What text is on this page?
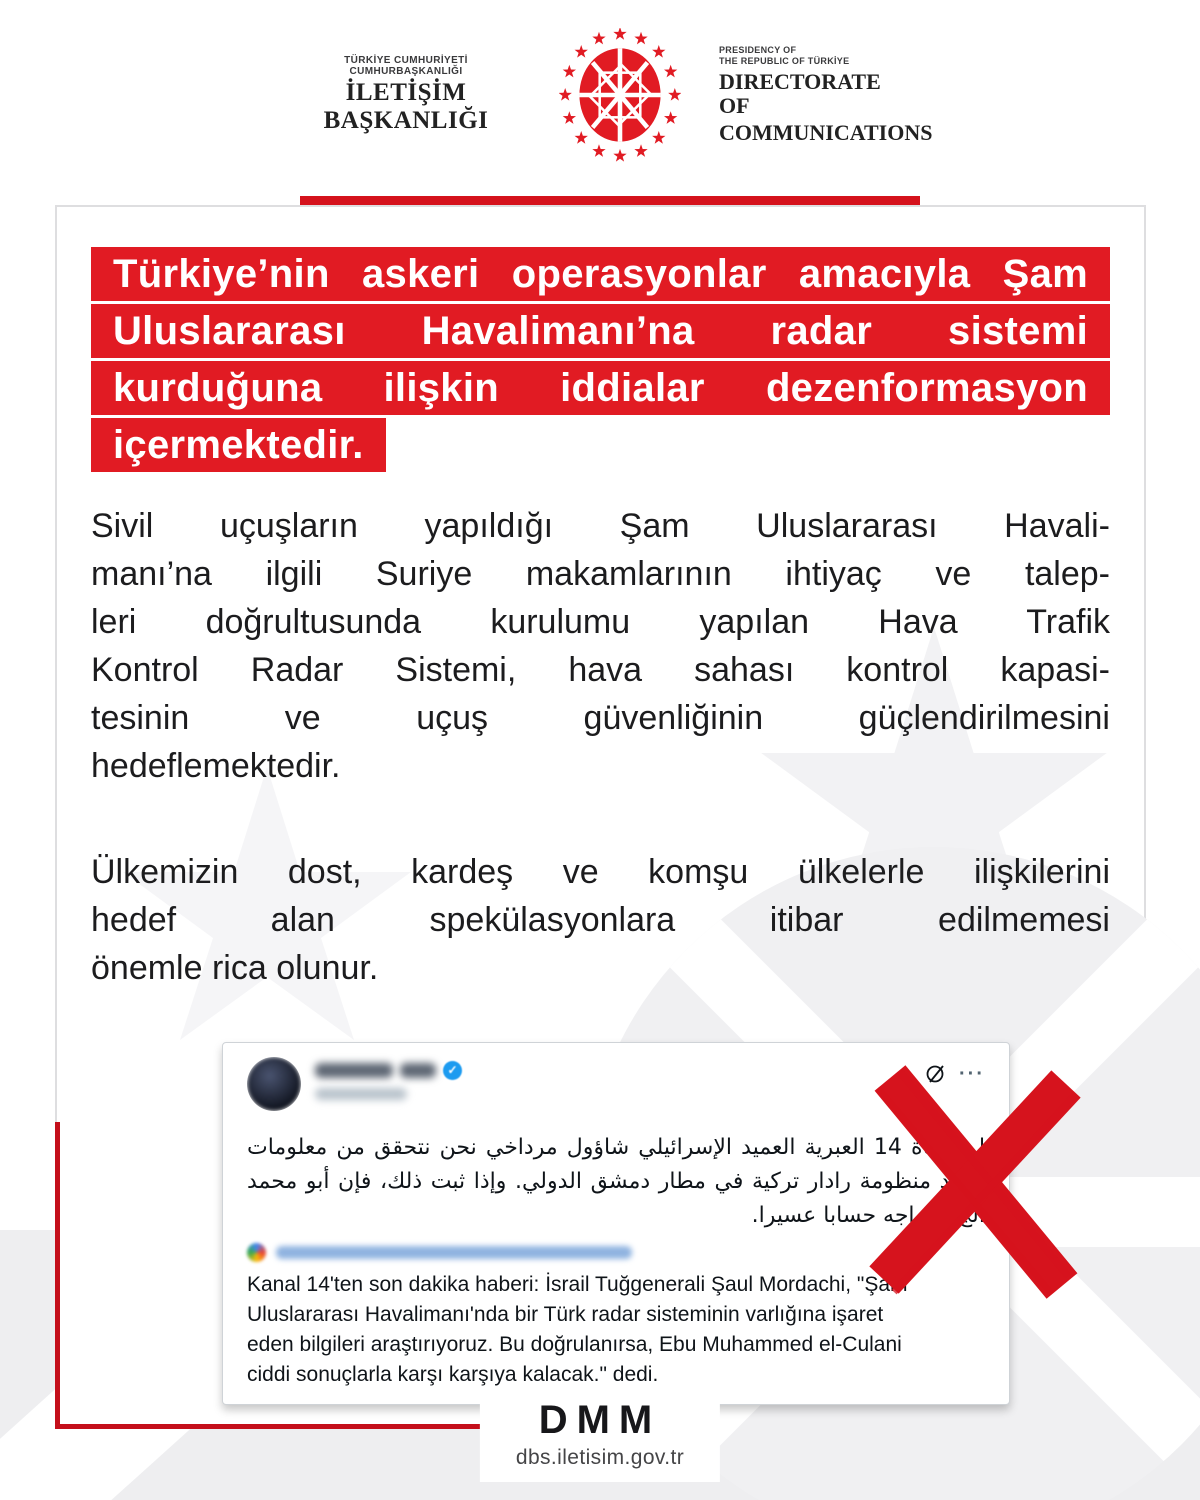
TÜRKİYE CUMHURİYETİ CUMHURBAŞKANLIĞI
İLETİŞİM BAŞKANLIĞI
PRESIDENCY OF
THE REPUBLIC OF TÜRKİYE
DIRECTORATE OF
COMMUNICATIONS
Türkiye’nin askeri operasyonlar amacıyla Şam
Uluslararası Havalimanı’na radar sistemi
kurduğuna ilişkin iddialar dezenformasyon
içermektedir.
Sivil uçuşların yapıldığı Şam Uluslararası Havali-
manı’na ilgili Suriye makamlarının ihtiyaç ve talep-
leri doğrultusunda kurulumu yapılan Hava Trafik
Kontrol Radar Sistemi, hava sahası kontrol kapasi-
tesinin ve uçuş güvenliğinin güçlendirilmesini
hedeflemektedir.
Ülkemizin dost, kardeş ve komşu ülkelerle ilişkilerini
hedef alan spekülasyonlara itibar edilmemesi
önemle rica olunur.
✓	···
ل القناة 14 العبرية العميد الإسرائيلي شاؤول مرداخي نحن نتحقق من معلومات
وجود منظومة رادار تركية في مطار دمشق الدولي. وإذا ثبت ذلك، فإن أبو محمد
الج سيواجه حسابا عسيرا.
Kanal 14'ten son dakika haberi: İsrail Tuğgenerali Şaul Mordachi, "Şam
Uluslararası Havalimanı'nda bir Türk radar sisteminin varlığına işaret
eden bilgileri araştırıyoruz. Bu doğrulanırsa, Ebu Muhammed el-Culani
ciddi sonuçlarla karşı karşıya kalacak." dedi.
DMM
dbs.iletisim.gov.tr
